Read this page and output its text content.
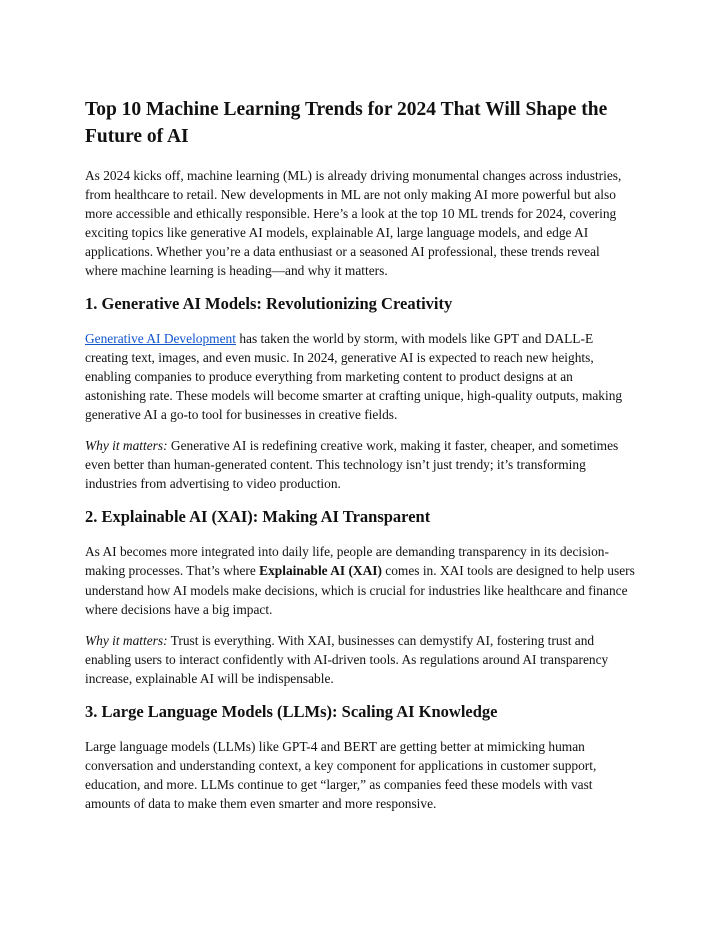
Top 10 Machine Learning Trends for 2024 That Will Shape the Future of AI

As 2024 kicks off, machine learning (ML) is already driving monumental changes across industries, from healthcare to retail. New developments in ML are not only making AI more powerful but also more accessible and ethically responsible. Here’s a look at the top 10 ML trends for 2024, covering exciting topics like generative AI models, explainable AI, large language models, and edge AI applications. Whether you’re a data enthusiast or a seasoned AI professional, these trends reveal where machine learning is heading—and why it matters.

1. Generative AI Models: Revolutionizing Creativity

Generative AI Development has taken the world by storm, with models like GPT and DALL-E creating text, images, and even music. In 2024, generative AI is expected to reach new heights, enabling companies to produce everything from marketing content to product designs at an astonishing rate. These models will become smarter at crafting unique, high-quality outputs, making generative AI a go-to tool for businesses in creative fields.

Why it matters: Generative AI is redefining creative work, making it faster, cheaper, and sometimes even better than human-generated content. This technology isn’t just trendy; it’s transforming industries from advertising to video production.

2. Explainable AI (XAI): Making AI Transparent

As AI becomes more integrated into daily life, people are demanding transparency in its decision-making processes. That’s where Explainable AI (XAI) comes in. XAI tools are designed to help users understand how AI models make decisions, which is crucial for industries like healthcare and finance where decisions have a big impact.

Why it matters: Trust is everything. With XAI, businesses can demystify AI, fostering trust and enabling users to interact confidently with AI-driven tools. As regulations around AI transparency increase, explainable AI will be indispensable.

3. Large Language Models (LLMs): Scaling AI Knowledge

Large language models (LLMs) like GPT-4 and BERT are getting better at mimicking human conversation and understanding context, a key component for applications in customer support, education, and more. LLMs continue to get “larger,” as companies feed these models with vast amounts of data to make them even smarter and more responsive.
